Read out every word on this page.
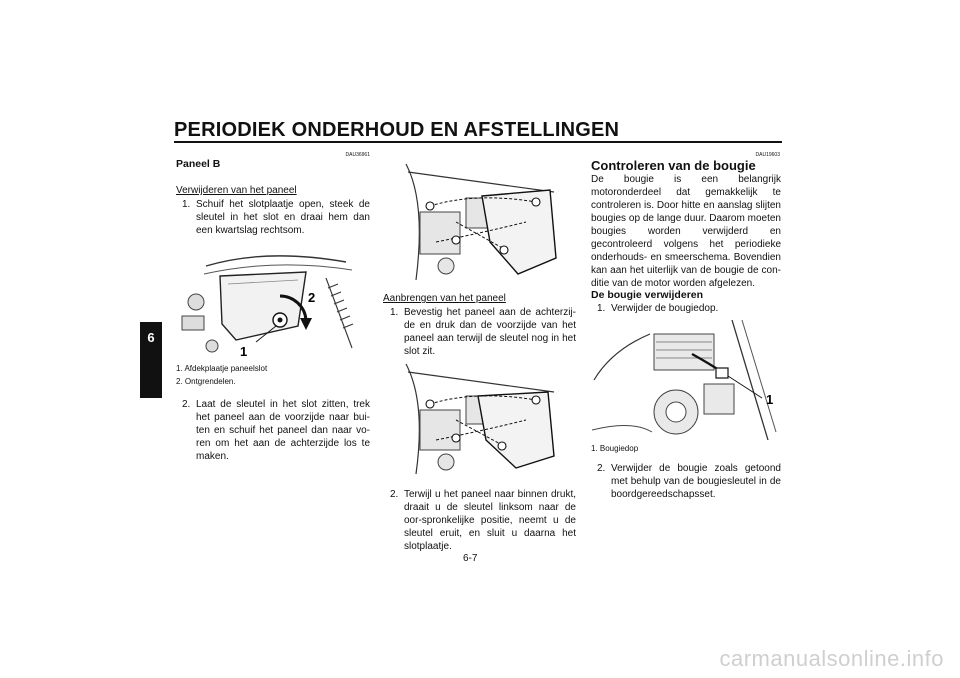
PERIODIEK ONDERHOUD EN AFSTELLINGEN
6
DAU36961
Paneel B
Verwijderen van het paneel
1. Schuif het slotplaatje open, steek de sleutel in het slot en draai hem dan een kwartslag rechtsom.
1
2
1. Afdekplaatje paneelslot
2. Ontgrendelen.
2. Laat de sleutel in het slot zitten, trek het paneel aan de voorzijde naar bui-ten en schuif het paneel dan naar vo-ren om het aan de achterzijde los te maken.
Aanbrengen van het paneel
1. Bevestig het paneel aan de achterzij-de en druk dan de voorzijde van het paneel aan terwijl de sleutel nog in het slot zit.
2. Terwijl u het paneel naar binnen drukt, draait u de sleutel linksom naar de oor-spronkelijke positie, neemt u de sleutel eruit, en sluit u daarna het slotplaatje.
DAU19603
Controleren van de bougie
De bougie is een belangrijk motoronderdeel dat gemakkelijk te controleren is. Door hitte en aanslag slijten bougies op de lange duur. Daarom moeten bougies worden verwijderd en gecontroleerd volgens het periodieke onderhouds- en smeerschema. Bovendien kan aan het uiterlijk van de bougie de con-ditie van de motor worden afgelezen.
De bougie verwijderen
1. Verwijder de bougiedop.
1
1. Bougiedop
2. Verwijder de bougie zoals getoond met behulp van de bougiesleutel in de boordgereedschapsset.
6-7
carmanualsonline.info
